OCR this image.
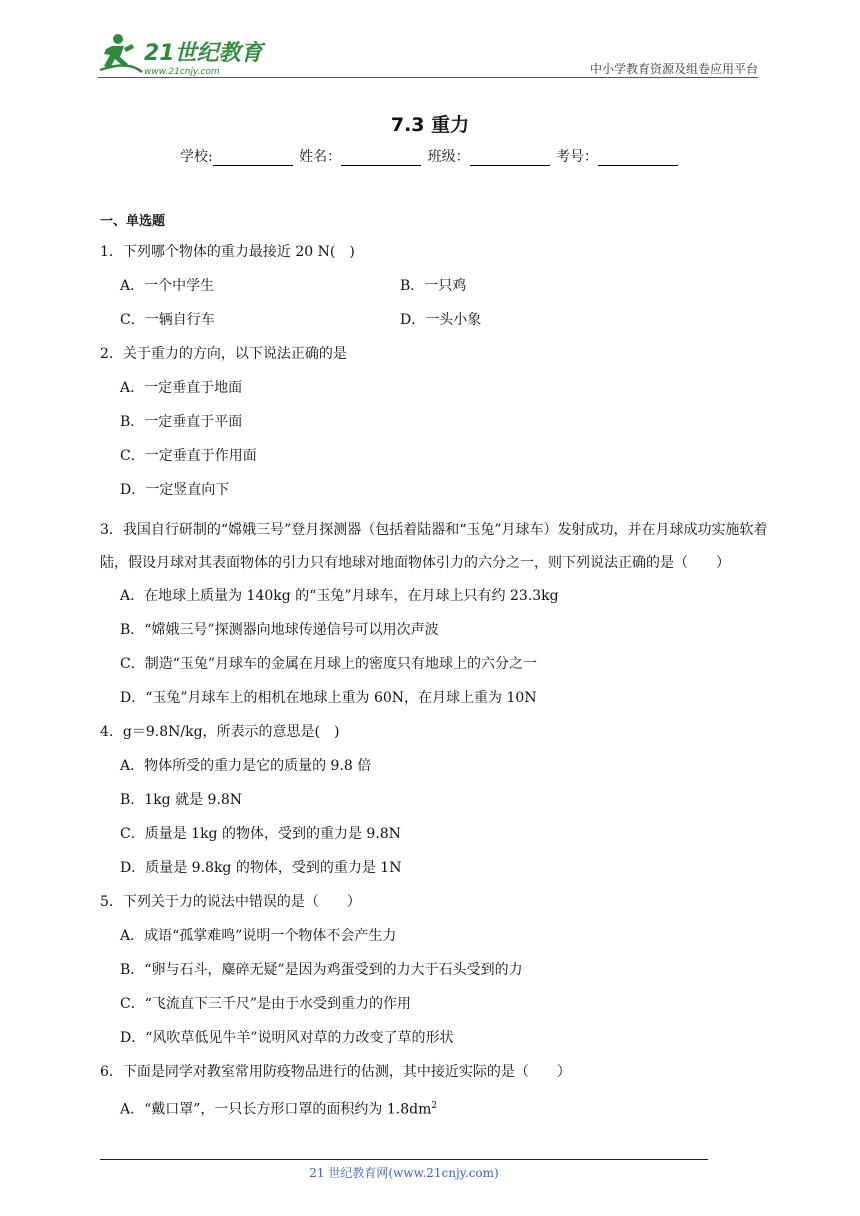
21世纪教育
www.21cnjy.com	中小学教育资源及组卷应用平台
7.3 重力
学校:	姓名：	班级：	考号：
一、单选题
1．下列哪个物体的重力最接近 20 N( )
A．一个中学生	B．一只鸡
C．一辆自行车	D．一头小象
2．关于重力的方向，以下说法正确的是
A．一定垂直于地面
B．一定垂直于平面
C．一定垂直于作用面
D．一定竖直向下
3．我国自行研制的“嫦娥三号”登月探测器（包括着陆器和“玉兔”月球车）发射成功，并在月球成功实施软着陆，假设月球对其表面物体的引力只有地球对地面物体引力的六分之一，则下列说法正确的是（　　）
A．在地球上质量为 140kg 的“玉兔”月球车，在月球上只有约 23.3kg
B．“嫦娥三号”探测器向地球传递信号可以用次声波
C．制造“玉兔”月球车的金属在月球上的密度只有地球上的六分之一
D．“玉兔”月球车上的相机在地球上重为 60N，在月球上重为 10N
4．g＝9.8N/kg，所表示的意思是( )
A．物体所受的重力是它的质量的 9.8 倍
B．1kg 就是 9.8N
C．质量是 1kg 的物体，受到的重力是 9.8N
D．质量是 9.8kg 的物体，受到的重力是 1N
5．下列关于力的说法中错误的是（　　）
A．成语“孤掌难鸣”说明一个物体不会产生力
B．“卵与石斗，麋碎无疑”是因为鸡蛋受到的力大于石头受到的力
C．“飞流直下三千尺”是由于水受到重力的作用
D．“风吹草低见牛羊”说明风对草的力改变了草的形状
6．下面是同学对教室常用防疫物品进行的估测，其中接近实际的是（　　）
A．“戴口罩”，一只长方形口罩的面积约为 $1.8dm^2$
21 世纪教育网(www.21cnjy.com)
